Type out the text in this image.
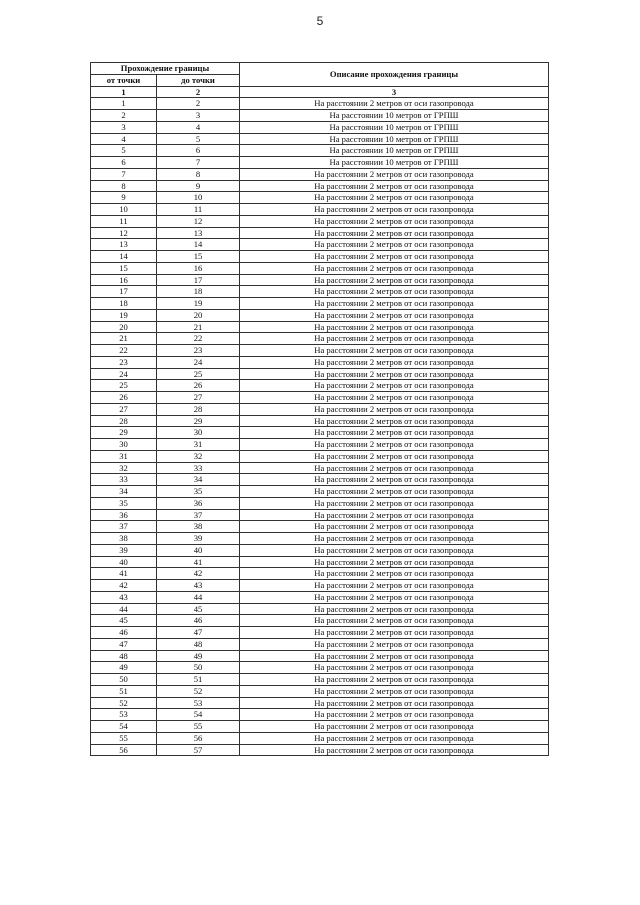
5
Прохождение границы		Описание прохождения границы
от точки	до точки	
1	2	3
1	2	На расстоянии 2 метров от оси газопровода
2	3	На расстоянии 10 метров от ГРПШ
3	4	На расстоянии 10 метров от ГРПШ
4	5	На расстоянии 10 метров от ГРПШ
5	6	На расстоянии 10 метров от ГРПШ
6	7	На расстоянии 10 метров от ГРПШ
7	8	На расстоянии 2 метров от оси газопровода
8	9	На расстоянии 2 метров от оси газопровода
9	10	На расстоянии 2 метров от оси газопровода
10	11	На расстоянии 2 метров от оси газопровода
11	12	На расстоянии 2 метров от оси газопровода
12	13	На расстоянии 2 метров от оси газопровода
13	14	На расстоянии 2 метров от оси газопровода
14	15	На расстоянии 2 метров от оси газопровода
15	16	На расстоянии 2 метров от оси газопровода
16	17	На расстоянии 2 метров от оси газопровода
17	18	На расстоянии 2 метров от оси газопровода
18	19	На расстоянии 2 метров от оси газопровода
19	20	На расстоянии 2 метров от оси газопровода
20	21	На расстоянии 2 метров от оси газопровода
21	22	На расстоянии 2 метров от оси газопровода
22	23	На расстоянии 2 метров от оси газопровода
23	24	На расстоянии 2 метров от оси газопровода
24	25	На расстоянии 2 метров от оси газопровода
25	26	На расстоянии 2 метров от оси газопровода
26	27	На расстоянии 2 метров от оси газопровода
27	28	На расстоянии 2 метров от оси газопровода
28	29	На расстоянии 2 метров от оси газопровода
29	30	На расстоянии 2 метров от оси газопровода
30	31	На расстоянии 2 метров от оси газопровода
31	32	На расстоянии 2 метров от оси газопровода
32	33	На расстоянии 2 метров от оси газопровода
33	34	На расстоянии 2 метров от оси газопровода
34	35	На расстоянии 2 метров от оси газопровода
35	36	На расстоянии 2 метров от оси газопровода
36	37	На расстоянии 2 метров от оси газопровода
37	38	На расстоянии 2 метров от оси газопровода
38	39	На расстоянии 2 метров от оси газопровода
39	40	На расстоянии 2 метров от оси газопровода
40	41	На расстоянии 2 метров от оси газопровода
41	42	На расстоянии 2 метров от оси газопровода
42	43	На расстоянии 2 метров от оси газопровода
43	44	На расстоянии 2 метров от оси газопровода
44	45	На расстоянии 2 метров от оси газопровода
45	46	На расстоянии 2 метров от оси газопровода
46	47	На расстоянии 2 метров от оси газопровода
47	48	На расстоянии 2 метров от оси газопровода
48	49	На расстоянии 2 метров от оси газопровода
49	50	На расстоянии 2 метров от оси газопровода
50	51	На расстоянии 2 метров от оси газопровода
51	52	На расстоянии 2 метров от оси газопровода
52	53	На расстоянии 2 метров от оси газопровода
53	54	На расстоянии 2 метров от оси газопровода
54	55	На расстоянии 2 метров от оси газопровода
55	56	На расстоянии 2 метров от оси газопровода
56	57	На расстоянии 2 метров от оси газопровода
